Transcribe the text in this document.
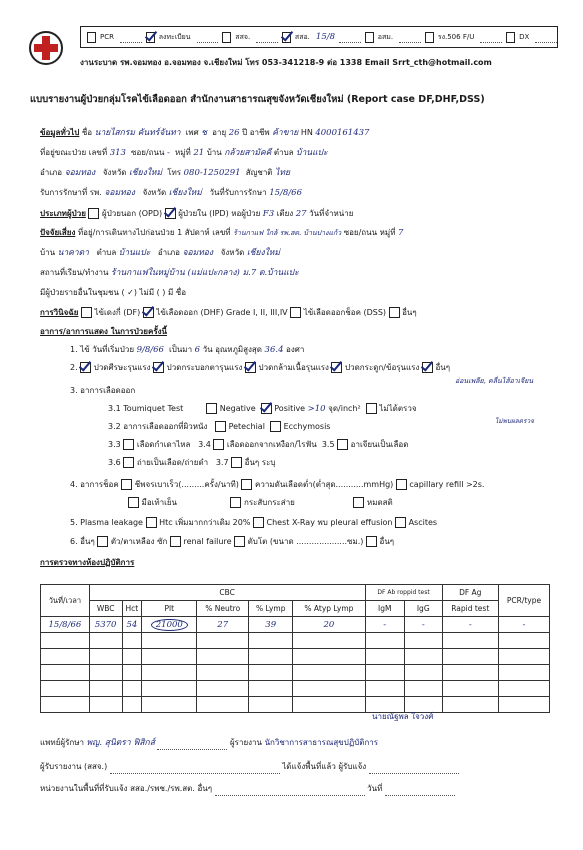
PCR	ลงทะเบียน	สสจ.	สสอ. 15/8	อสม.	รง.506 F/U	DX
งานระบาด รพ.จอมทอง อ.จอมทอง จ.เชียงใหม่ โทร 053-341218-9 ต่อ 1338 Email Srrt_cth@hotmail.com
แบบรายงานผู้ป่วยกลุ่มโรคไข้เลือดออก สำนักงานสาธารณสุขจังหวัดเชียงใหม่ (Report case DF,DHF,DSS)
ข้อมูลทั่วไป ชื่อ นายไสกรม คันทร์จันทา เพศ ช อายุ 26 ปี อาชีพ ค้าขาย HN 4000161437
ที่อยู่ขณะป่วย เลขที่ 313 ซอย/ถนน - หมู่ที่ 21 บ้าน กล้วยสามัคคี ตำบล บ้านแปะ
อำเภอ จอมทอง จังหวัด เชียงใหม่ โทร 080-1250291 สัญชาติ ไทย
รับการรักษาที่ รพ. จอมทอง จังหวัด เชียงใหม่ วันที่รับการรักษา 15/8/66
ประเภทผู้ป่วย ผู้ป่วยนอก (OPD) ผู้ป่วยใน (IPD) หอผู้ป่วย F3 เตียง 27 วันที่จำหน่าย
ปัจจัยเสี่ยง ที่อยู่/การเดินทางไปก่อนป่วย 1 สัปดาห์ เลขที่ ร้านกาแฟ ใกล้ รพ.สต. บ้านปางแก้ว ซอย/ถนน หมู่ที่ 7
บ้าน นาคาดา ตำบล บ้านแปะ อำเภอ จอมทอง จังหวัด เชียงใหม่
สถานที่เรียน/ทำงาน ร้านกาแฟในหมู่บ้าน (แม่แปะกลาง) ม.7 ต.บ้านแปะ
มีผู้ป่วยรายอื่นในชุมชน ( ✓) ไม่มี ( ) มี ชื่อ
การวินิจฉัย ไข้เดงกี่ (DF) ไข้เลือดออก (DHF) Grade I, II, III,IV ไข้เลือดออกช็อค (DSS) อื่นๆ
อาการ/อาการแสดง ในการป่วยครั้งนี้
1. ไข้ วันที่เริ่มป่วย 9/8/66 เป็นมา 6 วัน อุณหภูมิสูงสุด 36.4 องศา
2. ปวดศีรษะรุนแรง ปวดกระบอกตารุนแรง ปวดกล้ามเนื้อรุนแรง ปวดกระดูก/ข้อรุนแรง อื่นๆ
อ่อนเพลีย, คลื่นไส้อาเจียน
3. อาการเลือดออก
3.1 Toumiquet Test	Negative Positive >10 จุด/inch² ไม่ได้ตรวจ
ไม่พบผลตรวจ
3.2 อาการเลือดออกที่ผิวหนัง	Petechial Ecchymosis
3.3 เลือดกำเดาไหล 3.4 เลือดออกจากเหงือก/ไรฟัน 3.5 อาเจียนเป็นเลือด
3.6 ถ่ายเป็นเลือด/ถ่ายดำ 3.7 อื่นๆ ระบุ
4. อาการช็อค ชีพจรเบาเร็ว(.........ครั้ง/นาที) ความดันเลือดต่ำ(ต่ำสุด...........mmHg) capillary refill >2s.
มือเท้าเย็น	กระสับกระส่าย	หมดสติ
5. Plasma leakage Htc เพิ่มมากกว่าเดิม 20% Chest X-Ray พบ pleural effusion Ascites
6. อื่นๆ ตัว/ตาเหลือง ซัก renal failure ตับโต (ขนาด ....................ซม.) อื่นๆ
การตรวจทางห้องปฏิบัติการ
วันที่/เวลา	CBC						DF Ab roppid test		DF Ag	PCR/type
	WBC	Hct	Plt	% Neutro	% Lymp	% Atyp Lymp	IgM	IgG	Rapid test	
15/8/66	5370	54	21000	27	39	20	-	-	-	-

นายณัฐพล ใจวงศ์
แพทย์ผู้รักษา พญ. สุนิตรา ฟิสิกส์	ผู้รายงาน นักวิชาการสาธารณสุขปฏิบัติการ
ผู้รับรายงาน (สสจ.)	ได้แจ้งพื้นที่แล้ว ผู้รับแจ้ง
หน่วยงานในพื้นที่ที่รับแจ้ง สสอ./รพช./รพ.สต. อื่นๆ	วันที่
